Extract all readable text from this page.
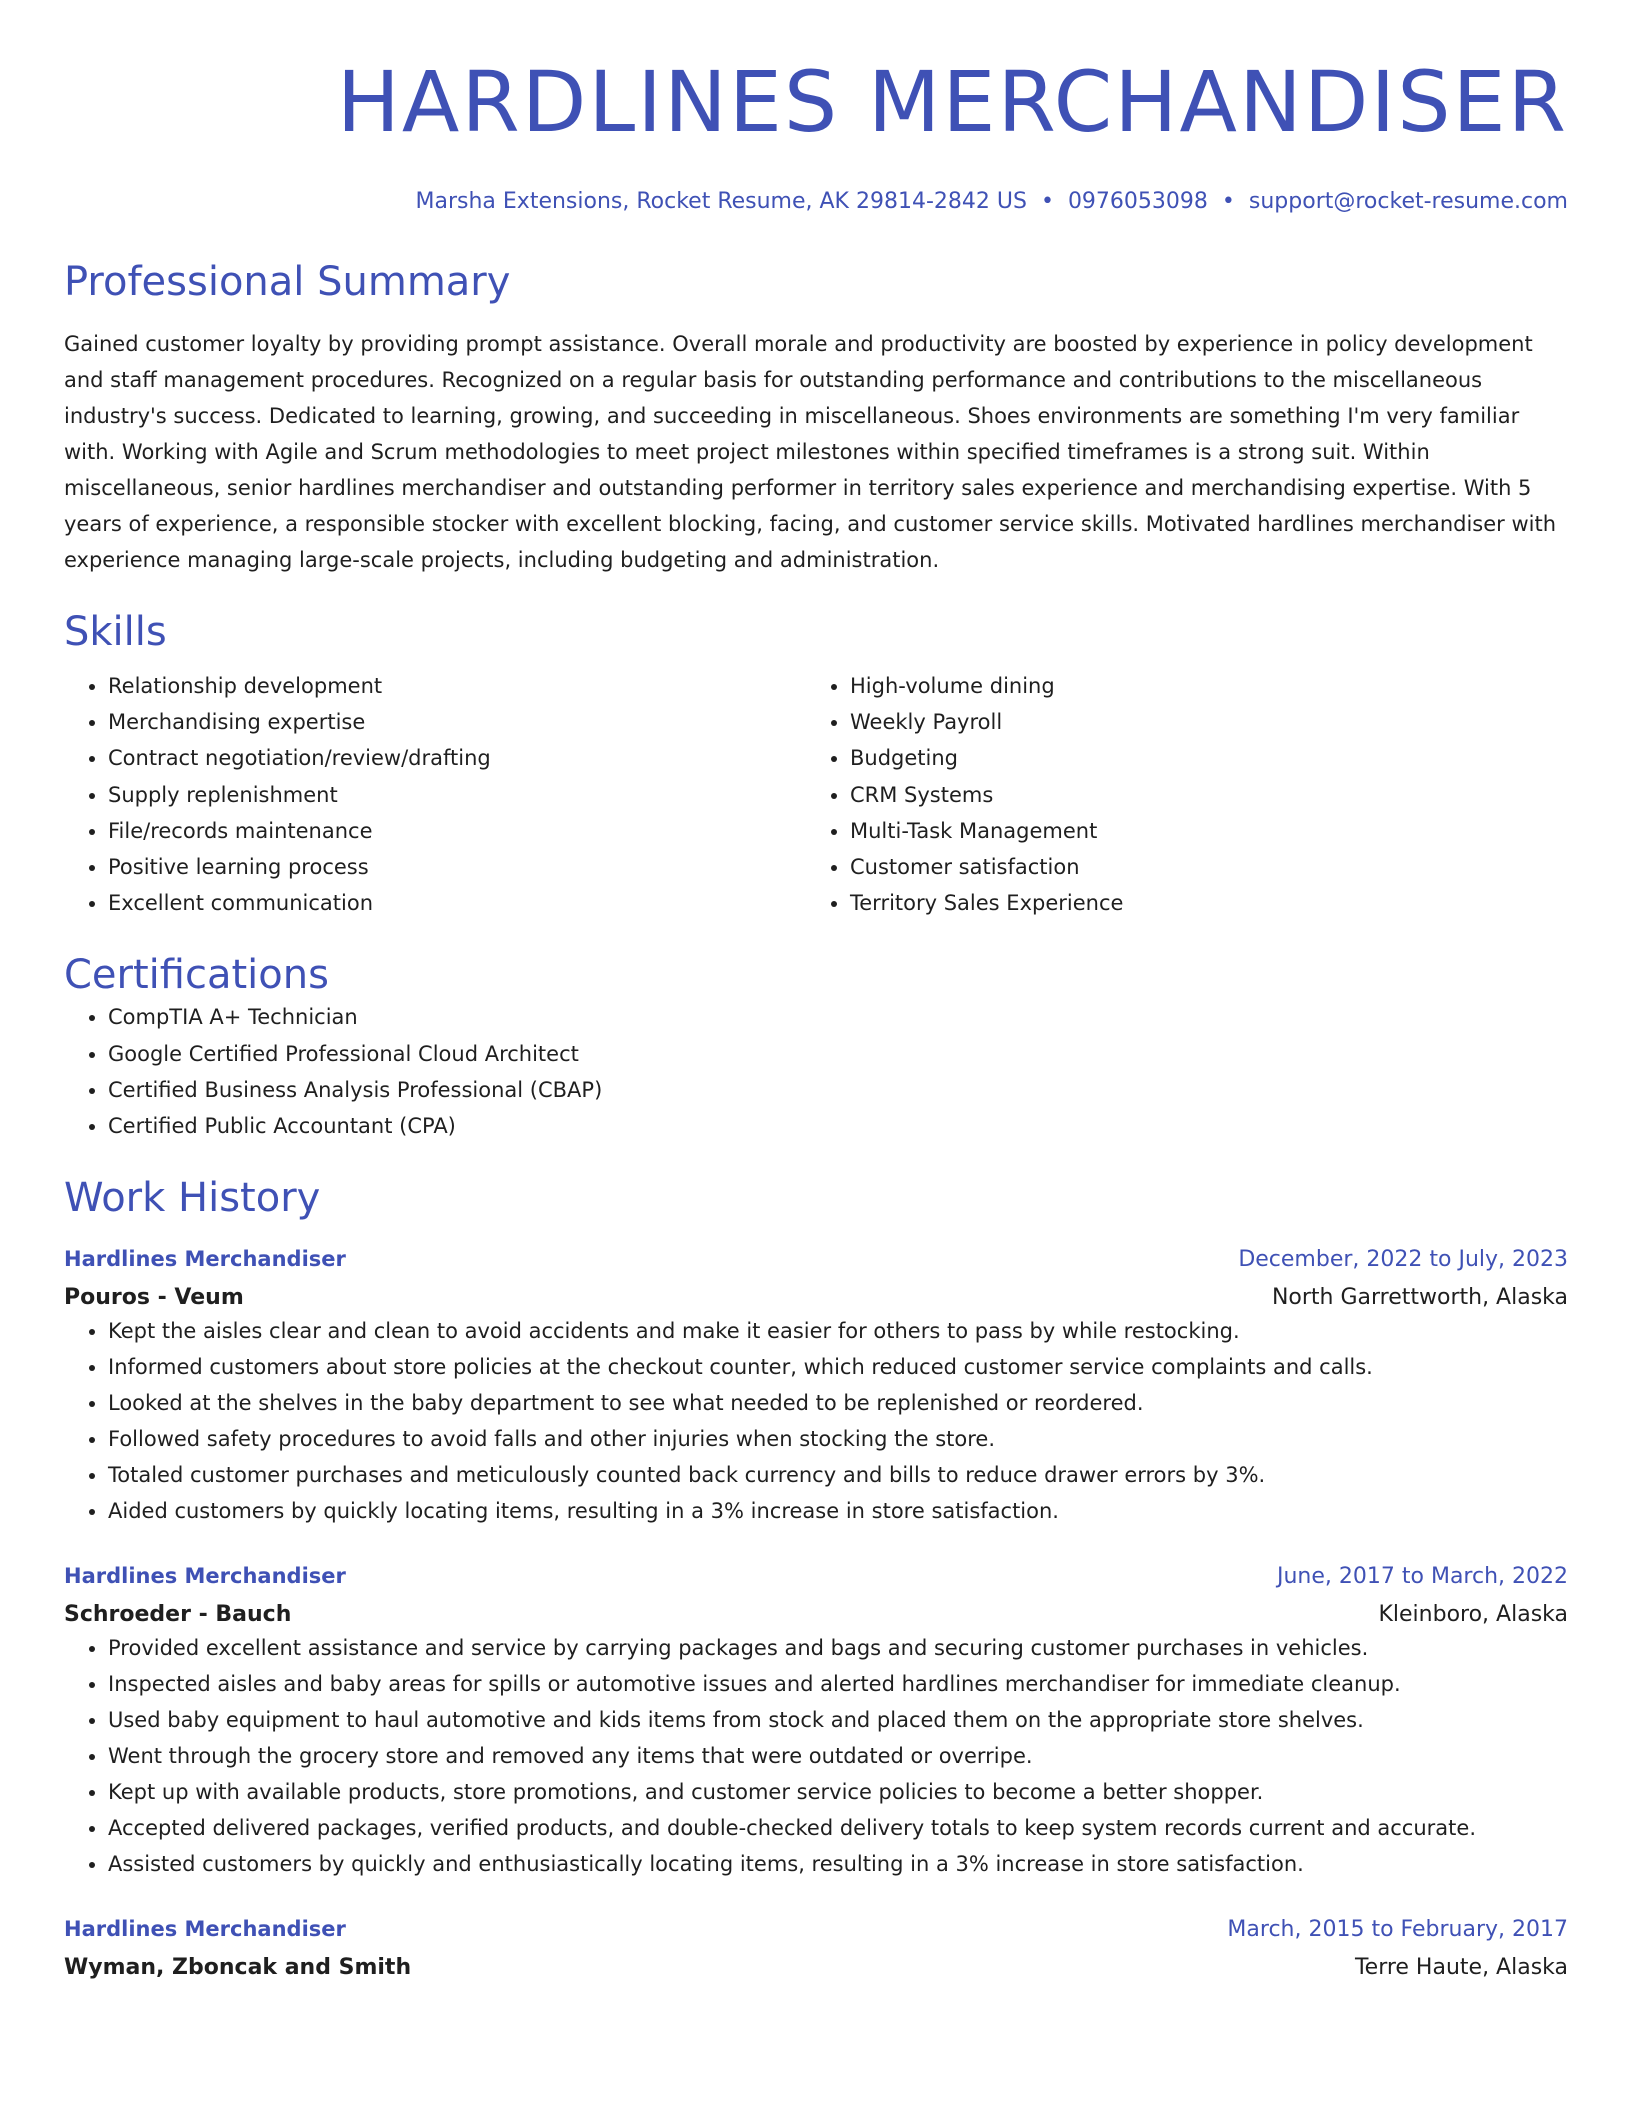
HARDLINES MERCHANDISER
Marsha Extensions, Rocket Resume, AK 29814-2842 US • 0976053098 • support@rocket-resume.com
Professional Summary
Gained customer loyalty by providing prompt assistance. Overall morale and productivity are boosted by experience in policy development and staff management procedures. Recognized on a regular basis for outstanding performance and contributions to the miscellaneous industry's success. Dedicated to learning, growing, and succeeding in miscellaneous. Shoes environments are something I'm very familiar with. Working with Agile and Scrum methodologies to meet project milestones within specified timeframes is a strong suit. Within miscellaneous, senior hardlines merchandiser and outstanding performer in territory sales experience and merchandising expertise. With 5 years of experience, a responsible stocker with excellent blocking, facing, and customer service skills. Motivated hardlines merchandiser with experience managing large-scale projects, including budgeting and administration.
Skills
• Relationship development
• Merchandising expertise
• Contract negotiation/review/drafting
• Supply replenishment
• File/records maintenance
• Positive learning process
• Excellent communication
• High-volume dining
• Weekly Payroll
• Budgeting
• CRM Systems
• Multi-Task Management
• Customer satisfaction
• Territory Sales Experience
Certifications
• CompTIA A+ Technician
• Google Certified Professional Cloud Architect
• Certified Business Analysis Professional (CBAP)
• Certified Public Accountant (CPA)
Work History
Hardlines Merchandiser	December, 2022 to July, 2023
Pouros - Veum	North Garrettworth, Alaska
• Kept the aisles clear and clean to avoid accidents and make it easier for others to pass by while restocking.
• Informed customers about store policies at the checkout counter, which reduced customer service complaints and calls.
• Looked at the shelves in the baby department to see what needed to be replenished or reordered.
• Followed safety procedures to avoid falls and other injuries when stocking the store.
• Totaled customer purchases and meticulously counted back currency and bills to reduce drawer errors by 3%.
• Aided customers by quickly locating items, resulting in a 3% increase in store satisfaction.
Hardlines Merchandiser	June, 2017 to March, 2022
Schroeder - Bauch	Kleinboro, Alaska
• Provided excellent assistance and service by carrying packages and bags and securing customer purchases in vehicles.
• Inspected aisles and baby areas for spills or automotive issues and alerted hardlines merchandiser for immediate cleanup.
• Used baby equipment to haul automotive and kids items from stock and placed them on the appropriate store shelves.
• Went through the grocery store and removed any items that were outdated or overripe.
• Kept up with available products, store promotions, and customer service policies to become a better shopper.
• Accepted delivered packages, verified products, and double-checked delivery totals to keep system records current and accurate.
• Assisted customers by quickly and enthusiastically locating items, resulting in a 3% increase in store satisfaction.
Hardlines Merchandiser	March, 2015 to February, 2017
Wyman, Zboncak and Smith	Terre Haute, Alaska
